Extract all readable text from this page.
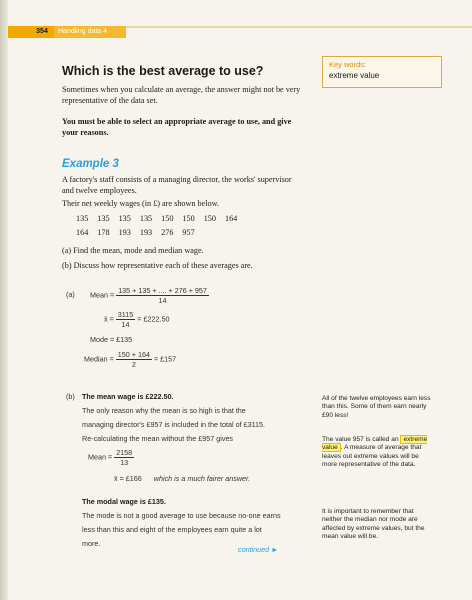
354	Handling data 4
Key words:
extreme value
Which is the best average to use?
Sometimes when you calculate an average, the answer might not be very representative of the data set.
You must be able to select an appropriate average to use, and give your reasons.
Example 3
A factory's staff consists of a managing director, the works' supervisor and twelve employees.
Their net weekly wages (in £) are shown below.
135 135 135 135 150 150 150 164
164 178 193 193 276 957
(a) Find the mean, mode and median wage.
(b) Discuss how representative each of these averages are.
(a) Mean = $\frac{135 + 135 + .... + 276 + 957}{14}$
x̄ = $\frac{3115}{14}$ = £222.50
Mode = £135
Median = $\frac{150 + 164}{2}$ = £157
(b) The mean wage is £222.50.
The only reason why the mean is so high is that the
managing director's £957 is included in the total of £3115.
Re-calculating the mean without the £957 gives
Mean = $\frac{2158}{13}$
x̄ = £166 which is a much fairer answer.
The modal wage is £135.
The mode is not a good average to use because no-one earns
less than this and eight of the employees earn quite a lot
more.
continued ►
All of the twelve employees earn less than this. Some of them earn nearly £90 less!
The value 957 is called an extreme value . A measure of average that leaves out extreme values will be more representative of the data.
It is important to remember that neither the median nor mode are affected by extreme values, but the mean value will be.
